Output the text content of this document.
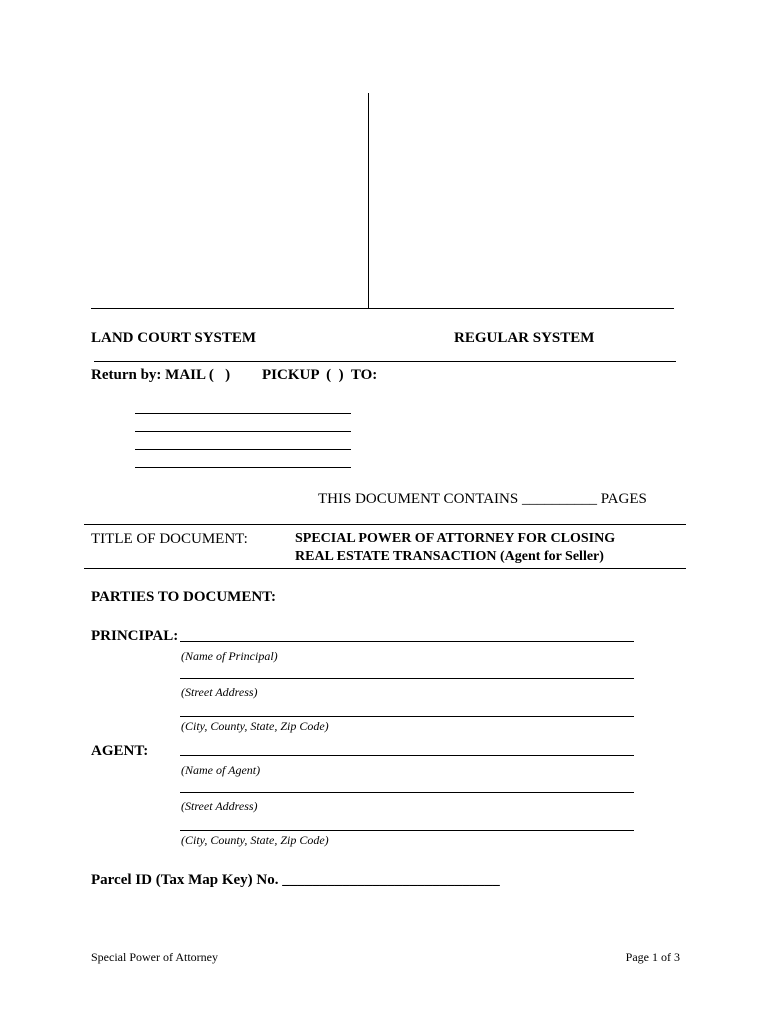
LAND COURT SYSTEM	REGULAR SYSTEM
Return by: MAIL (   ) PICKUP  (  )  TO:
THIS DOCUMENT CONTAINS __________ PAGES
TITLE OF DOCUMENT:	SPECIAL POWER OF ATTORNEY FOR CLOSING
REAL ESTATE TRANSACTION (Agent for Seller)
PARTIES TO DOCUMENT:
PRINCIPAL:
(Name of Principal)
(Street Address)
(City, County, State, Zip Code)
AGENT:
(Name of Agent)
(Street Address)
(City, County, State, Zip Code)
Parcel ID (Tax Map Key) No. _____________________________
Special Power of Attorney	Page 1 of 3
